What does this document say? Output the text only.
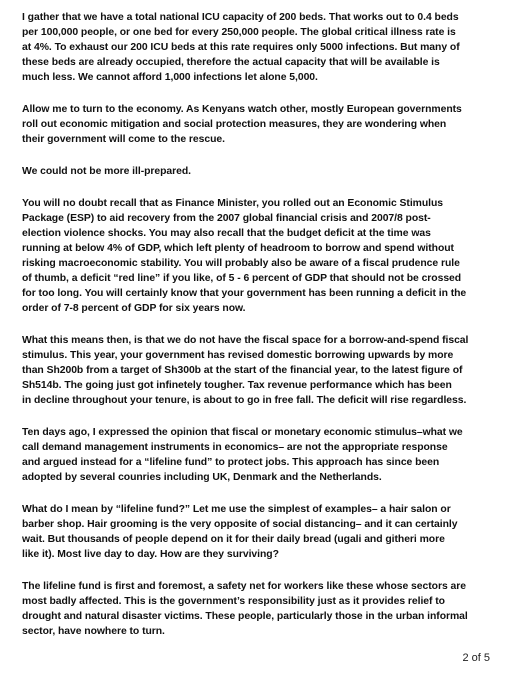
I gather that we have a total national ICU capacity of 200 beds. That works out to 0.4 beds
per 100,000 people, or one bed for every 250,000 people. The global critical illness rate is
at 4%. To exhaust our 200 ICU beds at this rate requires only 5000 infections. But many of
these beds are already occupied, therefore the actual capacity that will be available is
much less. We cannot afford 1,000 infections let alone 5,000.

Allow me to turn to the economy. As Kenyans watch other, mostly European governments
roll out economic mitigation and social protection measures, they are wondering when
their government will come to the rescue.

We could not be more ill-prepared.

You will no doubt recall that as Finance Minister, you rolled out an Economic Stimulus
Package (ESP) to aid recovery from the 2007 global financial crisis and 2007/8 post-
election violence shocks. You may also recall that the budget deficit at the time was
running at below 4% of GDP, which left plenty of headroom to borrow and spend without
risking macroeconomic stability. You will probably also be aware of a fiscal prudence rule
of thumb, a deficit “red line” if you like, of 5 - 6 percent of GDP that should not be crossed
for too long. You will certainly know that your government has been running a deficit in the
order of 7-8 percent of GDP for six years now.

What this means then, is that we do not have the fiscal space for a borrow-and-spend fiscal
stimulus. This year, your government has revised domestic borrowing upwards by more
than Sh200b from a target of Sh300b at the start of the financial year, to the latest figure of
Sh514b. The going just got infinetely tougher. Tax revenue performance which has been
in decline throughout your tenure, is about to go in free fall. The deficit will rise regardless.

Ten days ago, I expressed the opinion that fiscal or monetary economic stimulus–what we
call demand management instruments in economics– are not the appropriate response
and argued instead for a “lifeline fund” to protect jobs. This approach has since been
adopted by several counries including UK, Denmark and the Netherlands.

What do I mean by “lifeline fund?” Let me use the simplest of examples– a hair salon or
barber shop. Hair grooming is the very opposite of social distancing– and it can certainly
wait. But thousands of people depend on it for their daily bread (ugali and githeri more
like it). Most live day to day. How are they surviving?

The lifeline fund is first and foremost, a safety net for workers like these whose sectors are
most badly affected. This is the government’s responsibility just as it provides relief to
drought and natural disaster victims. These people, particularly those in the urban informal
sector, have nowhere to turn.

2 of 5
